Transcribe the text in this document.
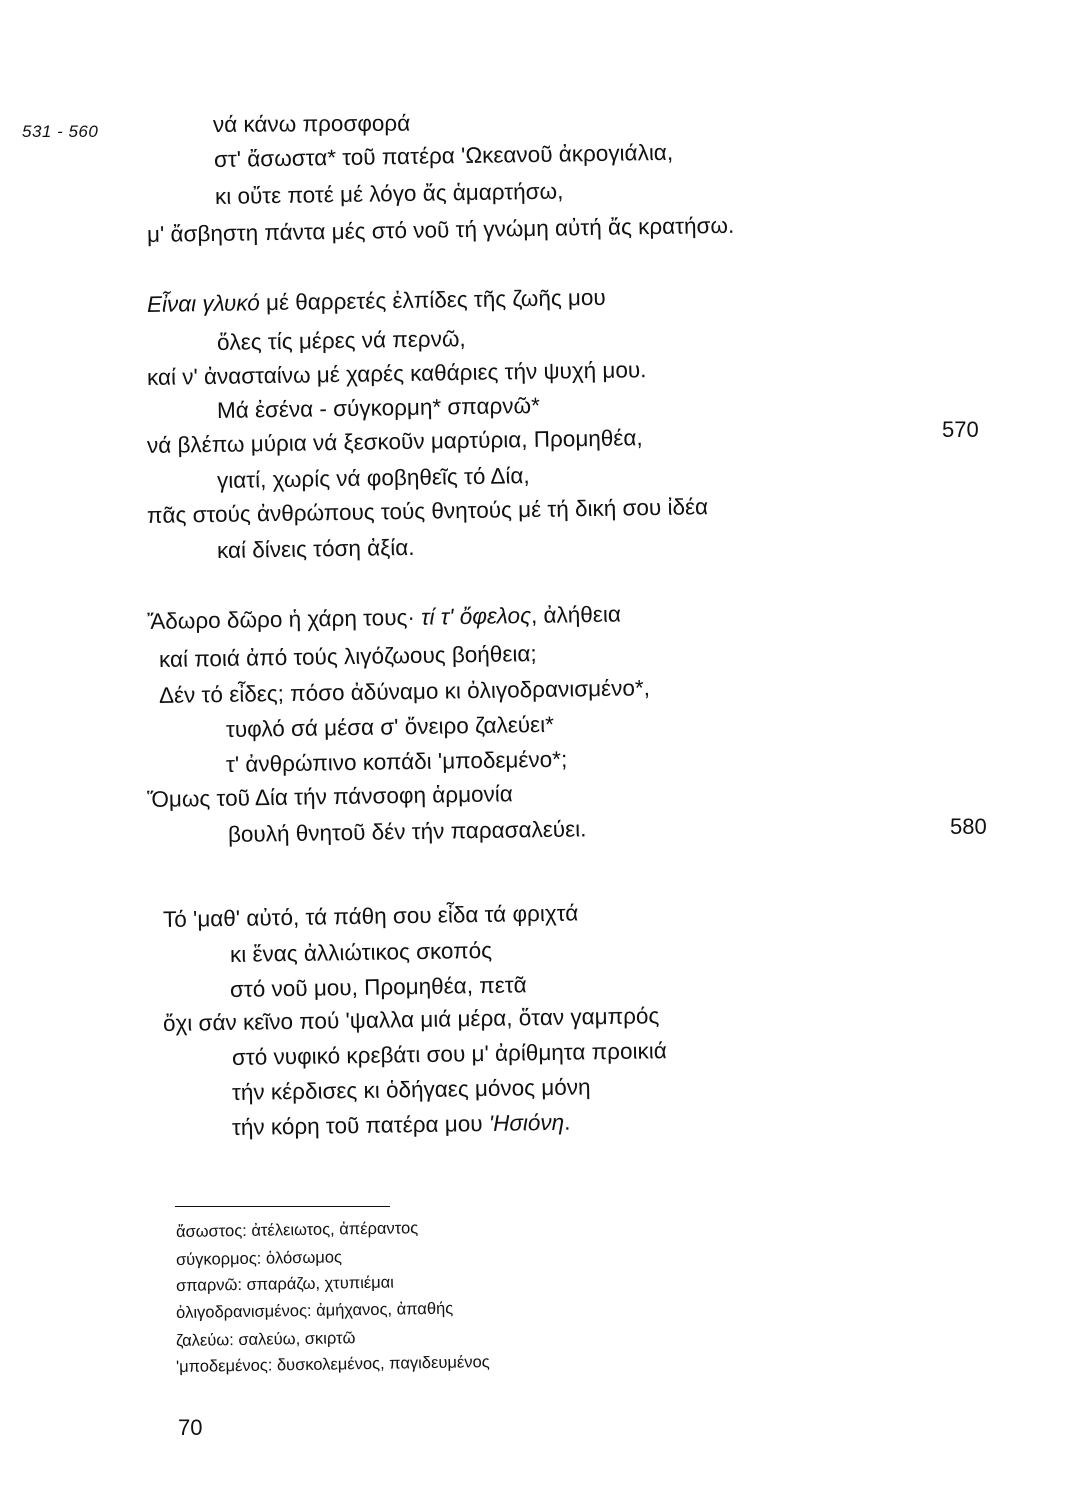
531 - 560	νά κάνω προσφορά
στ' ἄσωστα* τοῦ πατέρα 'Ωκεανοῦ ἀκρογιάλια,
κι οὔτε ποτέ μέ λόγο ἄς ἁμαρτήσω,
μ' ἄσβηστη πάντα μές στό νοῦ τή γνώμη αὐτή ἄς κρατήσω.
Εἶναι γλυκό μέ θαρρετές ἐλπίδες τῆς ζωῆς μου
ὅλες τίς μέρες νά περνῶ,
καί ν' ἀνασταίνω μέ χαρές καθάριες τήν ψυχή μου.
Μά ἐσένα - σύγκορμη* σπαρνῶ*
νά βλέπω μύρια νά ξεσκοῦν μαρτύρια, Προμηθέα,
γιατί, χωρίς νά φοβηθεῖς τό Δία,
πᾶς στούς ἀνθρώπους τούς θνητούς μέ τή δική σου ἰδέα
καί δίνεις τόση ἀξία.
570
Ἄδωρο δῶρο ἡ χάρη τους· τί τ' ὄφελος, ἀλήθεια
καί ποιά ἀπό τούς λιγόζωους βοήθεια;
Δέν τό εἶδες; πόσο ἀδύναμο κι ὀλιγοδρανισμένο*,
τυφλό σά μέσα σ' ὄνειρο ζαλεύει*
τ' ἀνθρώπινο κοπάδι 'μποδεμένο*;
Ὅμως τοῦ Δία τήν πάνσοφη ἁρμονία
βουλή θνητοῦ δέν τήν παρασαλεύει.	580
Τό 'μαθ' αὐτό, τά πάθη σου εἶδα τά φριχτά
κι ἕνας ἀλλιώτικος σκοπός
στό νοῦ μου, Προμηθέα, πετᾶ
ὄχι σάν κεῖνο πού 'ψαλλα μιά μέρα, ὅταν γαμπρός
στό νυφικό κρεβάτι σου μ' ἀρίθμητα προικιά
τήν κέρδισες κι ὁδήγαες μόνος μόνη
τήν κόρη τοῦ πατέρα μου 'Ησιόνη.
ἄσωστος: ἀτέλειωτος, ἀπέραντος
σύγκορμος: ὁλόσωμος
σπαρνῶ: σπαράζω, χτυπιέμαι
ὀλιγοδρανισμένος: ἀμήχανος, ἀπαθής
ζαλεύω: σαλεύω, σκιρτῶ
'μποδεμένος: δυσκολεμένος, παγιδευμένος
70
